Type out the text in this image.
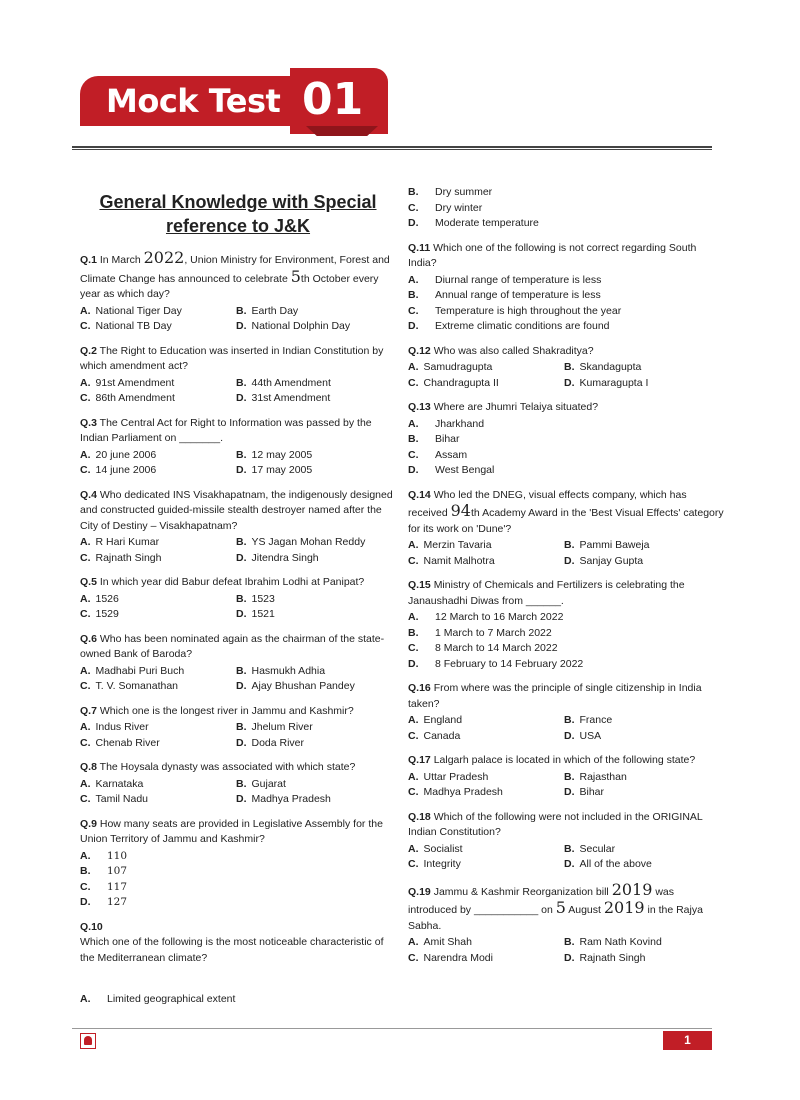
Mock Test 01
General Knowledge with Special reference to J&K

Q.1 In March 2022, Union Ministry for Environment, Forest and Climate Change has announced to celebrate 5th October every year as which day?

A. National Tiger Day	B. Earth Day
C. National TB Day	D. National Dolphin Day

Q.2 The Right to Education was inserted in Indian Constitution by which amendment act?

A. 91st Amendment	B. 44th Amendment
C. 86th Amendment	D. 31st Amendment

Q.3 The Central Act for Right to Information was passed by the Indian Parliament on _______.

A. 20 june 2006	B. 12 may 2005
C. 14 june 2006	D. 17 may 2005

Q.4 Who dedicated INS Visakhapatnam, the indigenously designed and constructed guided-missile stealth destroyer named after the City of Destiny – Visakhapatnam?

A. R Hari Kumar	B. YS Jagan Mohan Reddy
C. Rajnath Singh	D. Jitendra Singh

Q.5 In which year did Babur defeat Ibrahim Lodhi at Panipat?

A. 1526	B. 1523
C. 1529	D. 1521

Q.6 Who has been nominated again as the chairman of the state-owned Bank of Baroda?

A. Madhabi Puri Buch	B. Hasmukh Adhia
C. T. V. Somanathan	D. Ajay Bhushan Pandey

Q.7 Which one is the longest river in Jammu and Kashmir?

A. Indus River	B. Jhelum River
C. Chenab River	D. Doda River

Q.8 The Hoysala dynasty was associated with which state?

A. Karnataka	B. Gujarat
C. Tamil Nadu	D. Madhya Pradesh

Q.9 How many seats are provided in Legislative Assembly for the Union Territory of Jammu and Kashmir?

A. 110
B. 107
C. 117
D. 127

Q.10
Which one of the following is the most noticeable characteristic of the Mediterranean climate?

A. Limited geographical extent
B. Dry summer
C. Dry winter
D. Moderate temperature

Q.11 Which one of the following is not correct regarding South India?

A. Diurnal range of temperature is less
B. Annual range of temperature is less
C. Temperature is high throughout the year
D. Extreme climatic conditions are found

Q.12 Who was also called Shakraditya?

A. Samudragupta	B. Skandagupta
C. Chandragupta II	D. Kumaragupta I

Q.13 Where are Jhumri Telaiya situated?

A. Jharkhand
B. Bihar
C. Assam
D. West Bengal

Q.14 Who led the DNEG, visual effects company, which has received 94th Academy Award in the 'Best Visual Effects' category for its work on 'Dune'?

A. Merzin Tavaria	B. Pammi Baweja
C. Namit Malhotra	D. Sanjay Gupta

Q.15 Ministry of Chemicals and Fertilizers is celebrating the Janaushadhi Diwas from ______.

A. 12 March to 16 March 2022
B. 1 March to 7 March 2022
C. 8 March to 14 March 2022
D. 8 February to 14 February 2022

Q.16 From where was the principle of single citizenship in India taken?

A. England	B. France
C. Canada	D. USA

Q.17 Lalgarh palace is located in which of the following state?

A. Uttar Pradesh	B. Rajasthan
C. Madhya Pradesh	D. Bihar

Q.18 Which of the following were not included in the ORIGINAL Indian Constitution?

A. Socialist	B. Secular
C. Integrity	D. All of the above

Q.19 Jammu & Kashmir Reorganization bill 2019 was introduced by ___________ on 5 August 2019 in the Rajya Sabha.

A. Amit Shah	B. Ram Nath Kovind
C. Narendra Modi	D. Rajnath Singh
1
